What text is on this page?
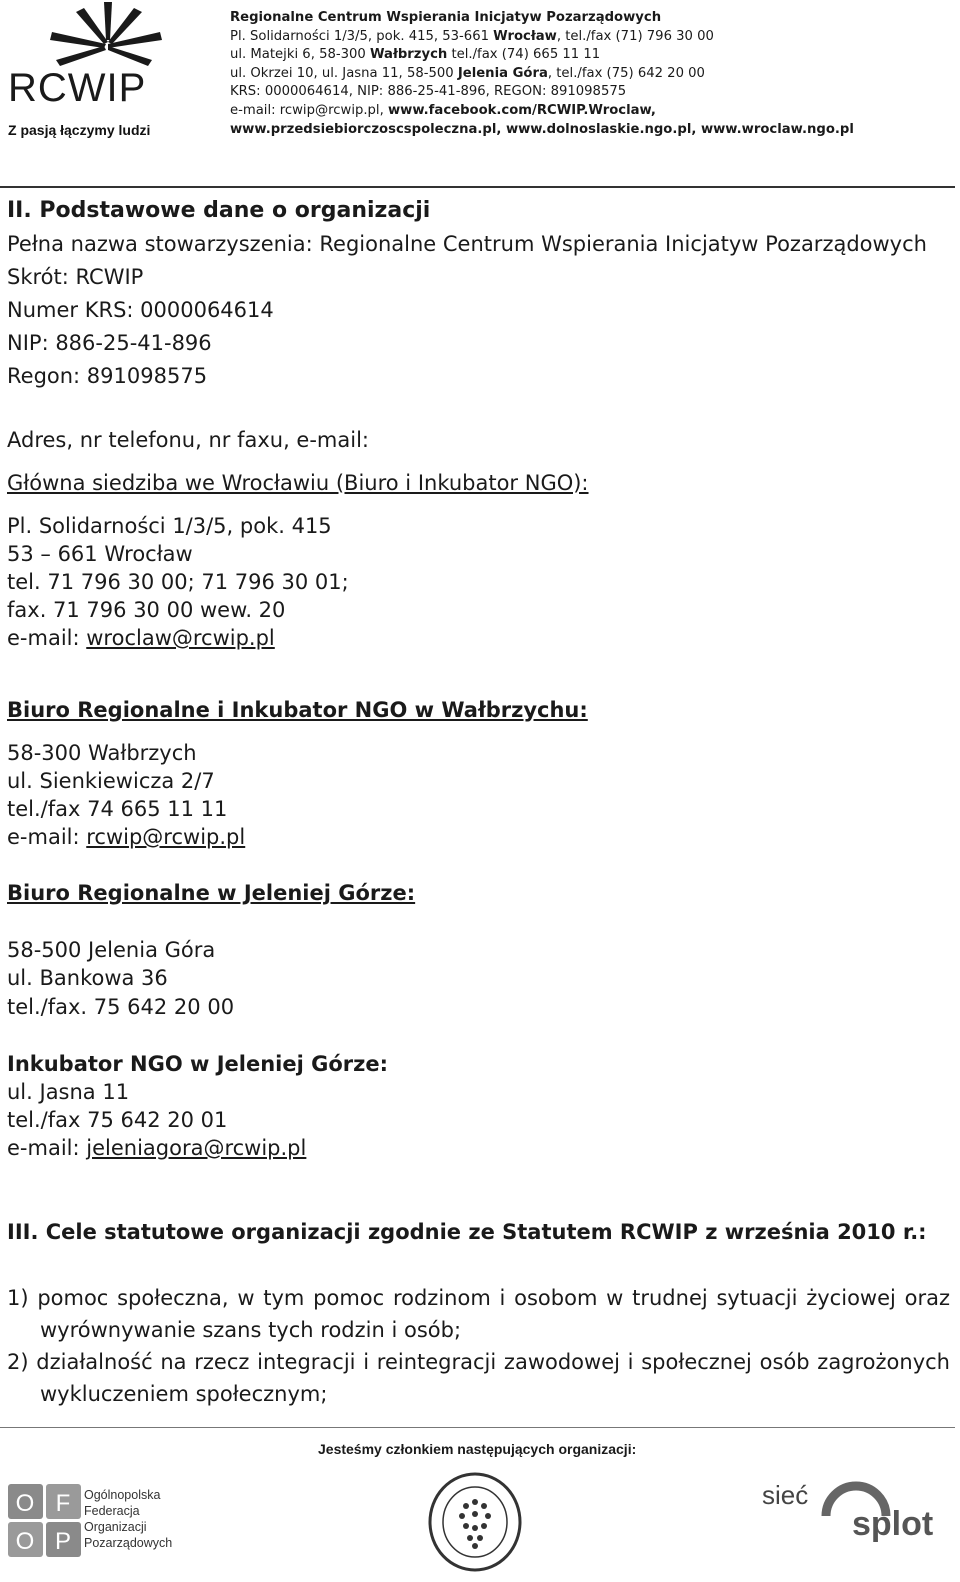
RCWIP
Z pasją łączymy ludzi
Regionalne Centrum Wspierania Inicjatyw Pozarządowych
Pl. Solidarności 1/3/5, pok. 415, 53-661 Wrocław, tel./fax (71) 796 30 00
ul. Matejki 6, 58-300 Wałbrzych tel./fax (74) 665 11 11
ul. Okrzei 10, ul. Jasna 11, 58-500 Jelenia Góra, tel./fax (75) 642 20 00
KRS: 0000064614, NIP: 886-25-41-896, REGON: 891098575
e-mail: rcwip@rcwip.pl, www.facebook.com/RCWIP.Wroclaw,
www.przedsiebiorczoscspoleczna.pl, www.dolnoslaskie.ngo.pl, www.wroclaw.ngo.pl
II. Podstawowe dane o organizacji
Pełna nazwa stowarzyszenia: Regionalne Centrum Wspierania Inicjatyw Pozarządowych
Skrót: RCWIP
Numer KRS: 0000064614
NIP: 886-25-41-896
Regon: 891098575
Adres, nr telefonu, nr faxu, e-mail:
Główna siedziba we Wrocławiu (Biuro i Inkubator NGO):
Pl. Solidarności 1/3/5, pok. 415
53 – 661 Wrocław
tel. 71 796 30 00; 71 796 30 01;
fax. 71 796 30 00 wew. 20
e-mail: wroclaw@rcwip.pl
Biuro Regionalne i Inkubator NGO w Wałbrzychu:
58-300 Wałbrzych
ul. Sienkiewicza 2/7
tel./fax 74 665 11 11
e-mail: rcwip@rcwip.pl
Biuro Regionalne w Jeleniej Górze:
58-500 Jelenia Góra
ul. Bankowa 36
tel./fax. 75 642 20 00
Inkubator NGO w Jeleniej Górze:
ul. Jasna 11
tel./fax 75 642 20 01
e-mail: jeleniagora@rcwip.pl
III. Cele statutowe organizacji zgodnie ze Statutem RCWIP z września 2010 r.:
1) pomoc społeczna, w tym pomoc rodzinom i osobom w trudnej sytuacji życiowej oraz
wyrównywanie szans tych rodzin i osób;
2) działalność na rzecz integracji i reintegracji zawodowej i społecznej osób zagrożonych
wykluczeniem społecznym;
Jesteśmy członkiem następujących organizacji:
O F
O P
Ogólnopolska
Federacja
Organizacji
Pozarządowych
sieć
splot
